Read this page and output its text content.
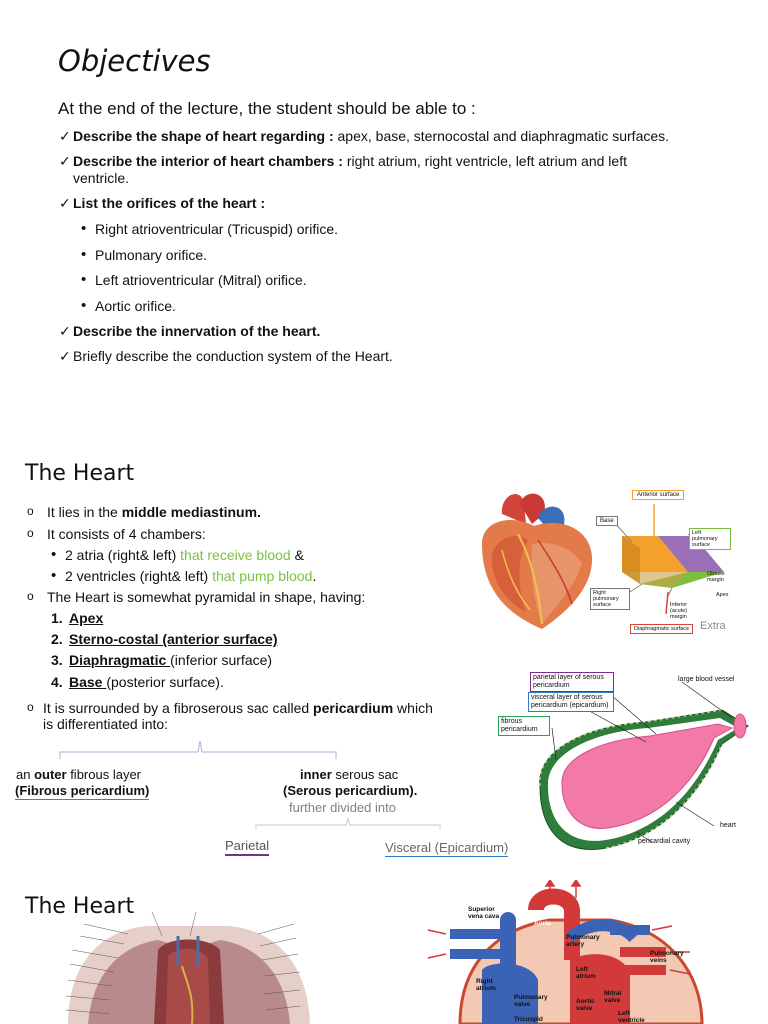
Objectives
At the end of the lecture, the student should be able to :
✓ Describe the shape of heart regarding : apex, base, sternocostal and diaphragmatic surfaces.
✓ Describe the interior of heart chambers : right atrium, right ventricle, left atrium and left
ventricle.
✓ List the orifices of the heart :
• Right atrioventricular (Tricuspid) orifice.
• Pulmonary orifice.
• Left atrioventricular (Mitral) orifice.
• Aortic orifice.
✓ Describe the innervation of the heart.
✓ Briefly describe the conduction system of the Heart.
The Heart
o It lies in the middle mediastinum.
o It consists of 4 chambers:
• 2 atria (right& left) that receive blood &
• 2 ventricles (right& left) that pump blood.
o The Heart is somewhat pyramidal in shape, having:
1. Apex
2. Sterno-costal (anterior surface)
3. Diaphragmatic (inferior surface)
4. Base (posterior surface).
o It is surrounded by a fibroserous sac called pericardium which
is differentiated into:
an outer fibrous layer
(Fibrous pericardium)
inner serous sac
(Serous pericardium).
further divided into
Parietal	Visceral (Epicardium)
Anterior surface
Base
Left pulmonary surface
Obtuse margin
Apex
Right pulmonary surface	Inferior (acute) margin
Diaphragmatic surface Extra
parietal layer of serous pericardium
visceral layer of serous pericardium (epicardium)
fibrous pericardium
large blood vessel
heart
pericardial cavity
The Heart	Superior vena cava
Aorta
Pulmonary artery
Left atrium
Pulmonary veins
Right atrium
Pulmonary valve
Mitral valve
Aortic valve
Tricuspid
Left ventricle
